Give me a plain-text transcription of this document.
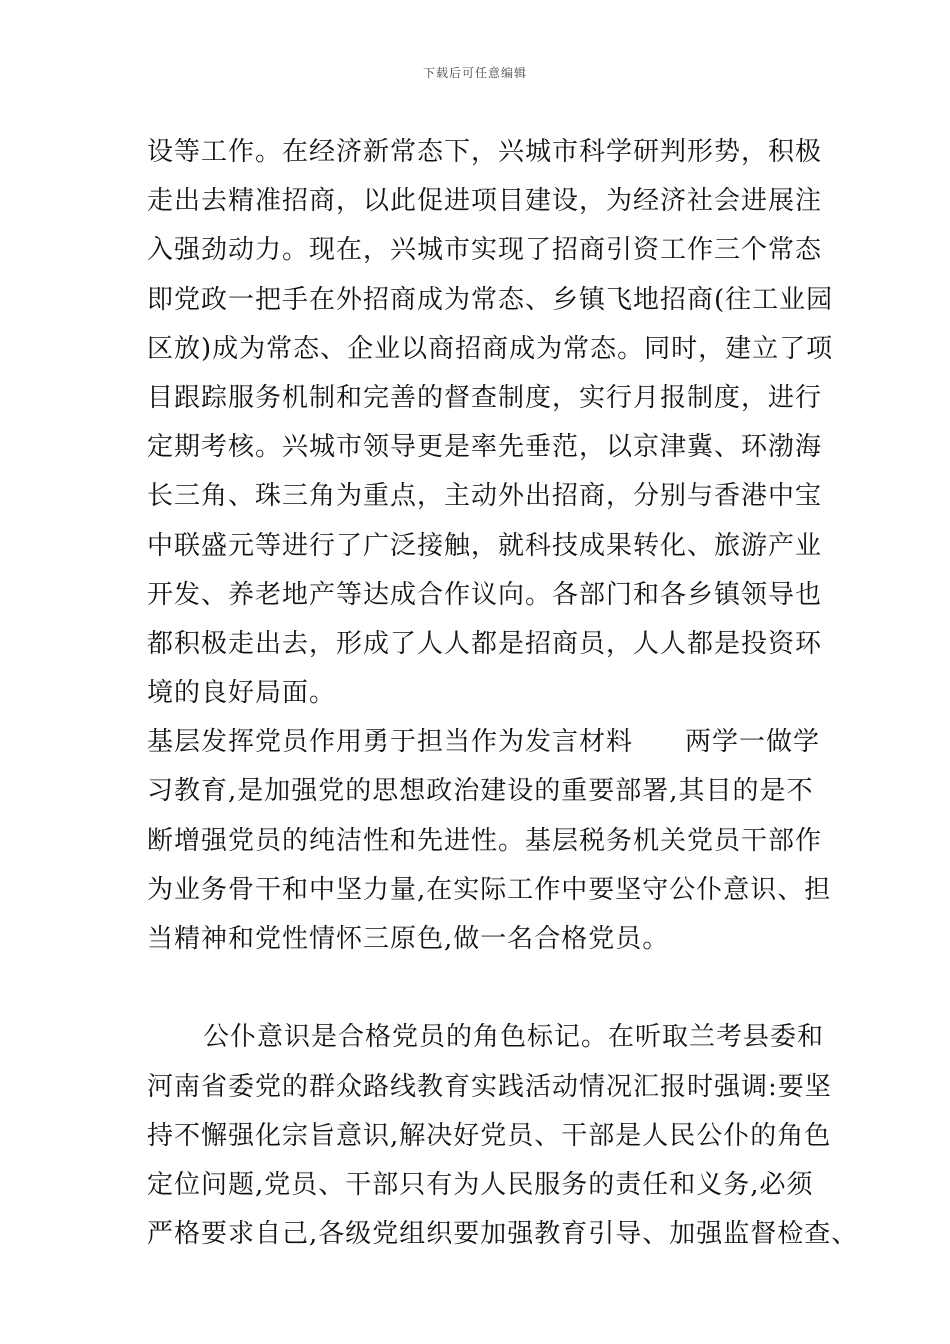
下载后可任意编辑
设等工作。在经济新常态下，兴城市科学研判形势，积极
走出去精准招商，以此促进项目建设，为经济社会进展注
入强劲动力。现在，兴城市实现了招商引资工作三个常态
即党政一把手在外招商成为常态、乡镇飞地招商(往工业园
区放)成为常态、企业以商招商成为常态。同时，建立了项
目跟踪服务机制和完善的督查制度，实行月报制度，进行
定期考核。兴城市领导更是率先垂范，以京津冀、环渤海
长三角、珠三角为重点，主动外出招商，分别与香港中宝
中联盛元等进行了广泛接触，就科技成果转化、旅游产业
开发、养老地产等达成合作议向。各部门和各乡镇领导也
都积极走出去，形成了人人都是招商员，人人都是投资环
境的良好局面。
基层发挥党员作用勇于担当作为发言材料 两学一做学
习教育,是加强党的思想政治建设的重要部署,其目的是不
断增强党员的纯洁性和先进性。基层税务机关党员干部作
为业务骨干和中坚力量,在实际工作中要坚守公仆意识、担
当精神和党性情怀三原色,做一名合格党员。
公仆意识是合格党员的角色标记。在听取兰考县委和
河南省委党的群众路线教育实践活动情况汇报时强调:要坚
持不懈强化宗旨意识,解决好党员、干部是人民公仆的角色
定位问题,党员、干部只有为人民服务的责任和义务,必须
严格要求自己,各级党组织要加强教育引导、加强监督检查、
